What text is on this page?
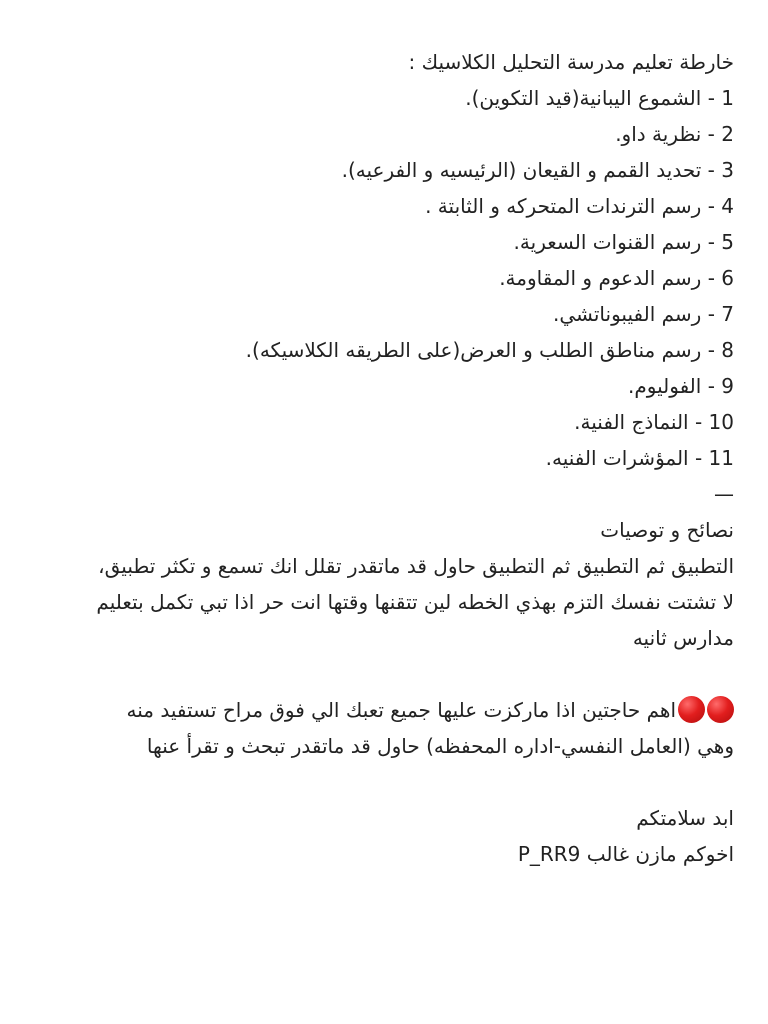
خارطة تعليم مدرسة التحليل الكلاسيك :
1 - الشموع اليبانية(قيد التكوين).
2 - نظرية داو.
3 - تحديد القمم و القيعان (الرئيسيه و الفرعيه).
4 - رسم الترندات المتحركه و الثابتة .
5 - رسم القنوات السعرية.
6 - رسم الدعوم و المقاومة.
7 - رسم الفيبوناتشي.
8 - رسم مناطق الطلب و العرض(على الطريقه الكلاسيكه).
9 - الفوليوم.
10 - النماذج الفنية.
11 - المؤشرات الفنيه.
—
نصائح و توصيات
التطبيق ثم التطبيق ثم التطبيق حاول قد ماتقدر تقلل انك تسمع و تكثر تطبيق،
لا تشتت نفسك التزم بهذي الخطه لين تتقنها وقتها انت حر اذا تبي تكمل بتعليم
مدارس ثانيه
اهم حاجتين اذا ماركزت عليها جميع تعبك الي فوق مراح تستفيد منه
وهي (العامل النفسي-اداره المحفظه) حاول قد ماتقدر تبحث و تقرأ عنها
ابد سلامتكم
اخوكم مازن غالب P_RR9
